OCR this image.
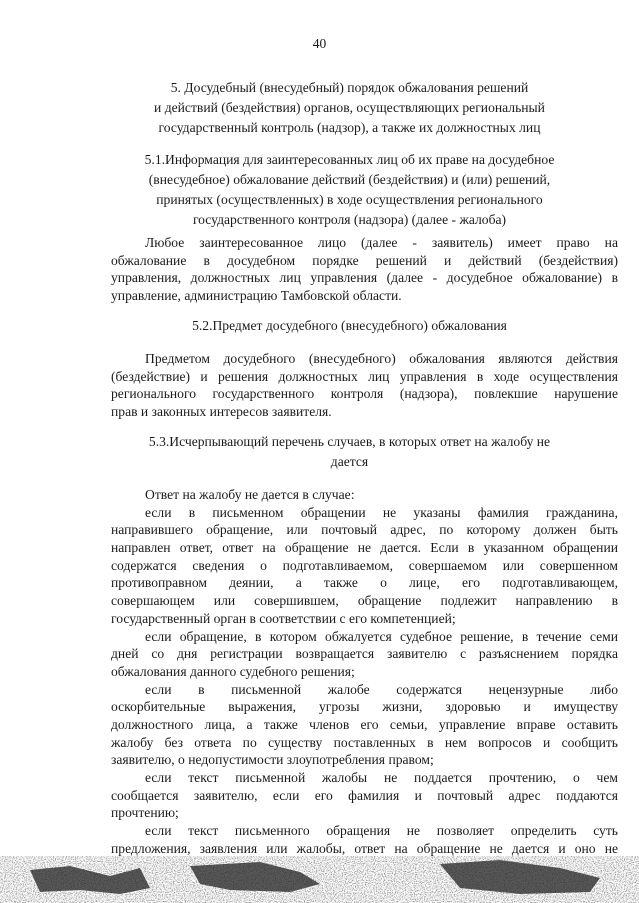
40
5. Досудебный (внесудебный) порядок обжалования решений
и действий (бездействия) органов, осуществляющих региональный
государственный контроль (надзор), а также их должностных лиц
5.1.Информация для заинтересованных лиц об их праве на досудебное
(внесудебное) обжалование действий (бездействия) и (или) решений,
принятых (осуществленных) в ходе осуществления регионального
государственного контроля (надзора) (далее - жалоба)
Любое заинтересованное лицо (далее - заявитель) имеет право на
обжалование в досудебном порядке решений и действий (бездействия)
управления, должностных лиц управления (далее - досудебное обжалование) в
управление, администрацию Тамбовской области.
5.2.Предмет досудебного (внесудебного) обжалования
Предметом досудебного (внесудебного) обжалования являются действия
(бездействие) и решения должностных лиц управления в ходе осуществления
регионального государственного контроля (надзора), повлекшие нарушение
прав и законных интересов заявителя.
5.3.Исчерпывающий перечень случаев, в которых ответ на жалобу не
дается
Ответ на жалобу не дается в случае:
если в письменном обращении не указаны фамилия гражданина,
направившего обращение, или почтовый адрес, по которому должен быть
направлен ответ, ответ на обращение не дается. Если в указанном обращении
содержатся сведения о подготавливаемом, совершаемом или совершенном
противоправном деянии, а также о лице, его подготавливающем,
совершающем или совершившем, обращение подлежит направлению в
государственный орган в соответствии с его компетенцией;
если обращение, в котором обжалуется судебное решение, в течение семи
дней со дня регистрации возвращается заявителю с разъяснением порядка
обжалования данного судебного решения;
если в письменной жалобе содержатся нецензурные либо
оскорбительные выражения, угрозы жизни, здоровью и имуществу
должностного лица, а также членов его семьи, управление вправе оставить
жалобу без ответа по существу поставленных в нем вопросов и сообщить
заявителю, о недопустимости злоупотребления правом;
если текст письменной жалобы не поддается прочтению, о чем
сообщается заявителю, если его фамилия и почтовый адрес поддаются
прочтению;
если текст письменного обращения не позволяет определить суть
предложения, заявления или жалобы, ответ на обращение не дается и оно не
